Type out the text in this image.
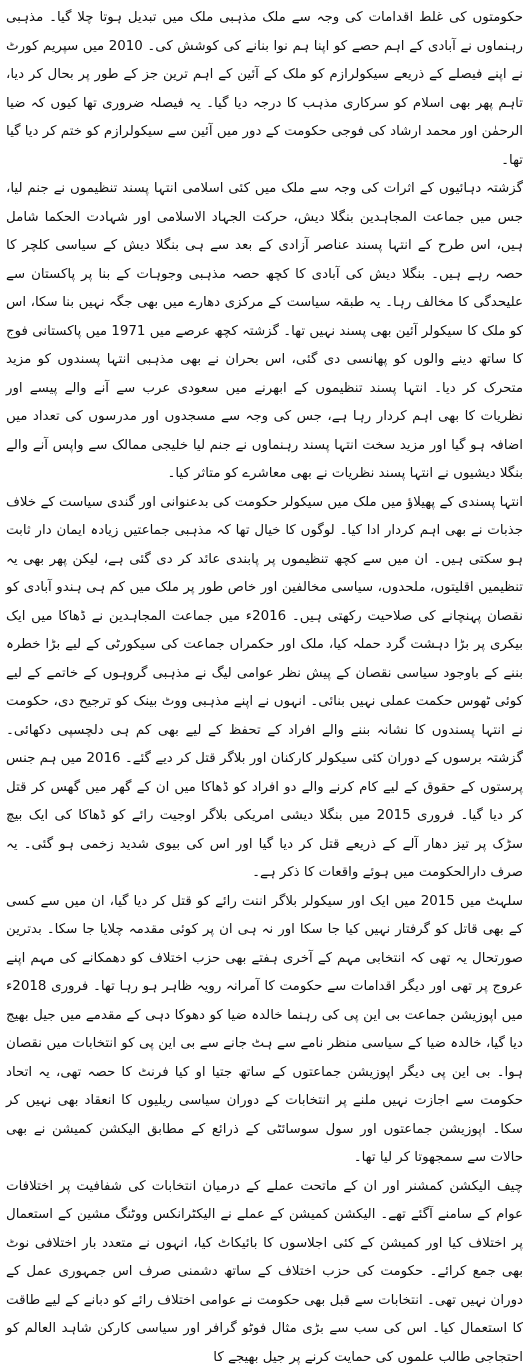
حکومتوں کی غلط اقدامات کی وجہ سے ملک مذہبی ملک میں تبدیل ہوتا چلا گیا۔ مذہبی رہنماوں نے آبادی کے اہم حصے کو اپنا ہم نوا بنانے کی کوشش کی۔ 2010 میں سپریم کورٹ نے اپنے فیصلے کے ذریعے سیکولرازم کو ملک کے آئین کے اہم ترین جز کے طور پر بحال کر دیا، تاہم پھر بھی اسلام کو سرکاری مذہب کا درجہ دیا گیا۔ یہ فیصلہ ضروری تھا کیوں کہ ضیا الرحمٰن اور محمد ارشاد کی فوجی حکومت کے دور میں آئین سے سیکولرازم کو ختم کر دیا گیا تھا۔

گزشتہ دہائیوں کے اثرات کی وجہ سے ملک میں کئی اسلامی انتہا پسند تنظیموں نے جنم لیا، جس میں جماعت المجاہدین بنگلا دیش، حرکت الجہاد الاسلامی اور شہادت الحکما شامل ہیں، اس طرح کے انتہا پسند عناصر آزادی کے بعد سے ہی بنگلا دیش کے سیاسی کلچر کا حصہ رہے ہیں۔ بنگلا دیش کی آبادی کا کچھ حصہ مذہبی وجوہات کے بنا پر پاکستان سے علیحدگی کا مخالف رہا۔ یہ طبقہ سیاست کے مرکزی دھارے میں بھی جگہ نہیں بنا سکا، اس کو ملک کا سیکولر آئین بھی پسند نہیں تھا۔ گزشتہ کچھ عرصے میں 1971 میں پاکستانی فوج کا ساتھ دینے والوں کو پھانسی دی گئی، اس بحران نے بھی مذہبی انتہا پسندوں کو مزید متحرک کر دیا۔ انتہا پسند تنظیموں کے ابھرنے میں سعودی عرب سے آنے والے پیسے اور نظریات کا بھی اہم کردار رہا ہے، جس کی وجہ سے مسجدوں اور مدرسوں کی تعداد میں اضافہ ہو گیا اور مزید سخت انتہا پسند رہنماوں نے جنم لیا خلیجی ممالک سے واپس آنے والے بنگلا دیشیوں نے انتہا پسند نظریات نے بھی معاشرے کو متاثر کیا۔

انتہا پسندی کے پھیلاؤ میں ملک میں سیکولر حکومت کی بدعنوانی اور گندی سیاست کے خلاف جذبات نے بھی اہم کردار ادا کیا۔ لوگوں کا خیال تھا کہ مذہبی جماعتیں زیادہ ایمان دار ثابت ہو سکتی ہیں۔ ان میں سے کچھ تنظیموں پر پابندی عائد کر دی گئی ہے، لیکن پھر بھی یہ تنظیمیں اقلیتوں، ملحدوں، سیاسی مخالفین اور خاص طور پر ملک میں کم ہی ہندو آبادی کو نقصان پہنچانے کی صلاحیت رکھتی ہیں۔ 2016ء میں جماعت المجاہدین نے ڈھاکا میں ایک بیکری پر بڑا دہشت گرد حملہ کیا، ملک اور حکمراں جماعت کی سیکورٹی کے لیے بڑا خطرہ بننے کے باوجود سیاسی نقصان کے پیش نظر عوامی لیگ نے مذہبی گروہوں کے خاتمے کے لیے کوئی ٹھوس حکمت عملی نہیں بنائی۔ انہوں نے اپنے مذہبی ووٹ بینک کو ترجیح دی، حکومت نے انتہا پسندوں کا نشانہ بننے والے افراد کے تحفظ کے لیے بھی کم ہی دلچسپی دکھائی۔ گزشتہ برسوں کے دوران کئی سیکولر کارکنان اور بلاگر قتل کر دیے گئے۔ 2016 میں ہم جنس پرستوں کے حقوق کے لیے کام کرنے والے دو افراد کو ڈھاکا میں ان کے گھر میں گھس کر قتل کر دیا گیا۔ فروری 2015 میں بنگلا دیشی امریکی بلاگر اوجیت رائے کو ڈھاکا کی ایک بیچ سڑک پر تیز دھار آلے کے ذریعے قتل کر دیا گیا اور اس کی بیوی شدید زخمی ہو گئی۔ یہ صرف دارالحکومت میں ہوئے واقعات کا ذکر ہے۔

سلہٹ میں 2015 میں ایک اور سیکولر بلاگر اننت رائے کو قتل کر دیا گیا، ان میں سے کسی کے بھی قاتل کو گرفتار نہیں کیا جا سکا اور نہ ہی ان پر کوئی مقدمہ چلایا جا سکا۔ بدترین صورتحال یہ تھی کہ انتخابی مہم کے آخری ہفتے بھی حزب اختلاف کو دھمکانے کی مہم اپنے عروج پر تھی اور دیگر اقدامات سے حکومت کا آمرانہ رویہ ظاہر ہو رہا تھا۔ فروری 2018ء میں اپوزیشن جماعت بی این پی کی رہنما خالدہ ضیا کو دھوکا دہی کے مقدمے میں جیل بھیج دیا گیا، خالدہ ضیا کے سیاسی منظر نامے سے ہٹ جانے سے بی این پی کو انتخابات میں نقصان ہوا۔ بی این پی دیگر اپوزیشن جماعتوں کے ساتھ جتیا او کیا فرنٹ کا حصہ تھی، یہ اتحاد حکومت سے اجازت نہیں ملنے پر انتخابات کے دوران سیاسی ریلیوں کا انعقاد بھی نہیں کر سکا۔ اپوزیشن جماعتوں اور سول سوسائٹی کے ذرائع کے مطابق الیکشن کمیشن نے بھی حالات سے سمجھوتا کر لیا تھا۔

چیف الیکشن کمشنر اور ان کے ماتحت عملے کے درمیان انتخابات کی شفافیت پر اختلافات عوام کے سامنے آگئے تھے۔ الیکشن کمیشن کے عملے نے الیکٹرانکس ووٹنگ مشین کے استعمال پر اختلاف کیا اور کمیشن کے کئی اجلاسوں کا بائیکاٹ کیا، انہوں نے متعدد بار اختلافی نوٹ بھی جمع کرائے۔ حکومت کی حزب اختلاف کے ساتھ دشمنی صرف اس جمہوری عمل کے دوران نہیں تھی۔ انتخابات سے قبل بھی حکومت نے عوامی اختلاف رائے کو دبانے کے لیے طاقت کا استعمال کیا۔ اس کی سب سے بڑی مثال فوٹو گرافر اور سیاسی کارکن شاہد العالم کو احتجاجی طالب علموں کی حمایت کرنے پر جیل بھیجے کا
